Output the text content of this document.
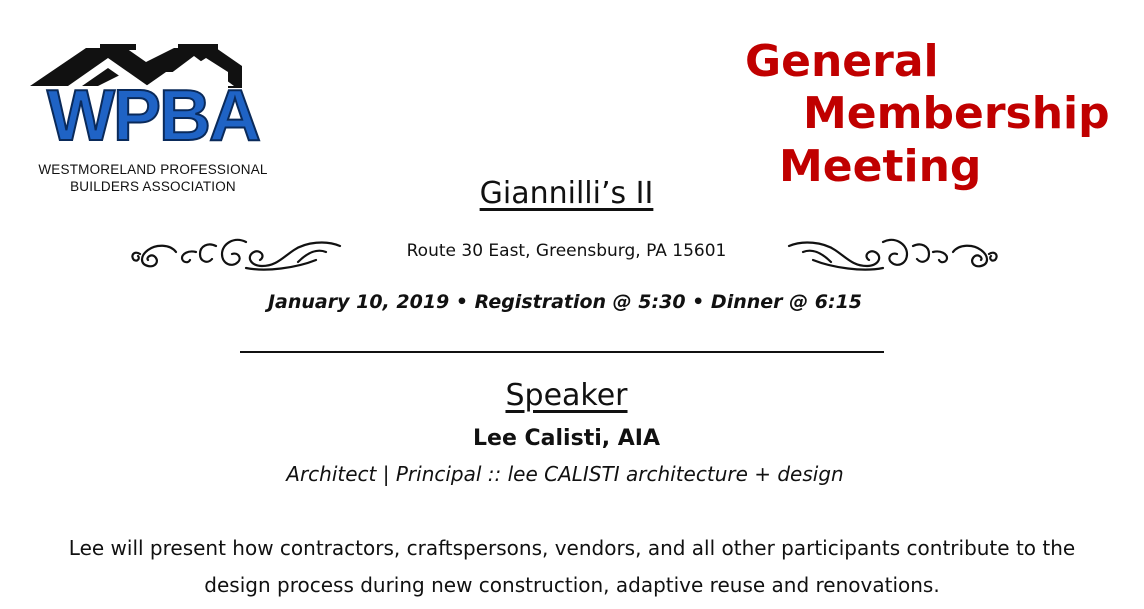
WPBA
WESTMORELAND PROFESSIONAL
BUILDERS ASSOCIATION
General
Membership
Meeting
Giannilli’s II
Route 30 East, Greensburg, PA 15601
January 10, 2019 • Registration @ 5:30 • Dinner @ 6:15
Speaker
Lee Calisti, AIA
Architect | Principal :: lee CALISTI architecture + design
Lee will present how contractors, craftspersons, vendors, and all other participants contribute to the design process during new construction, adaptive reuse and renovations.
